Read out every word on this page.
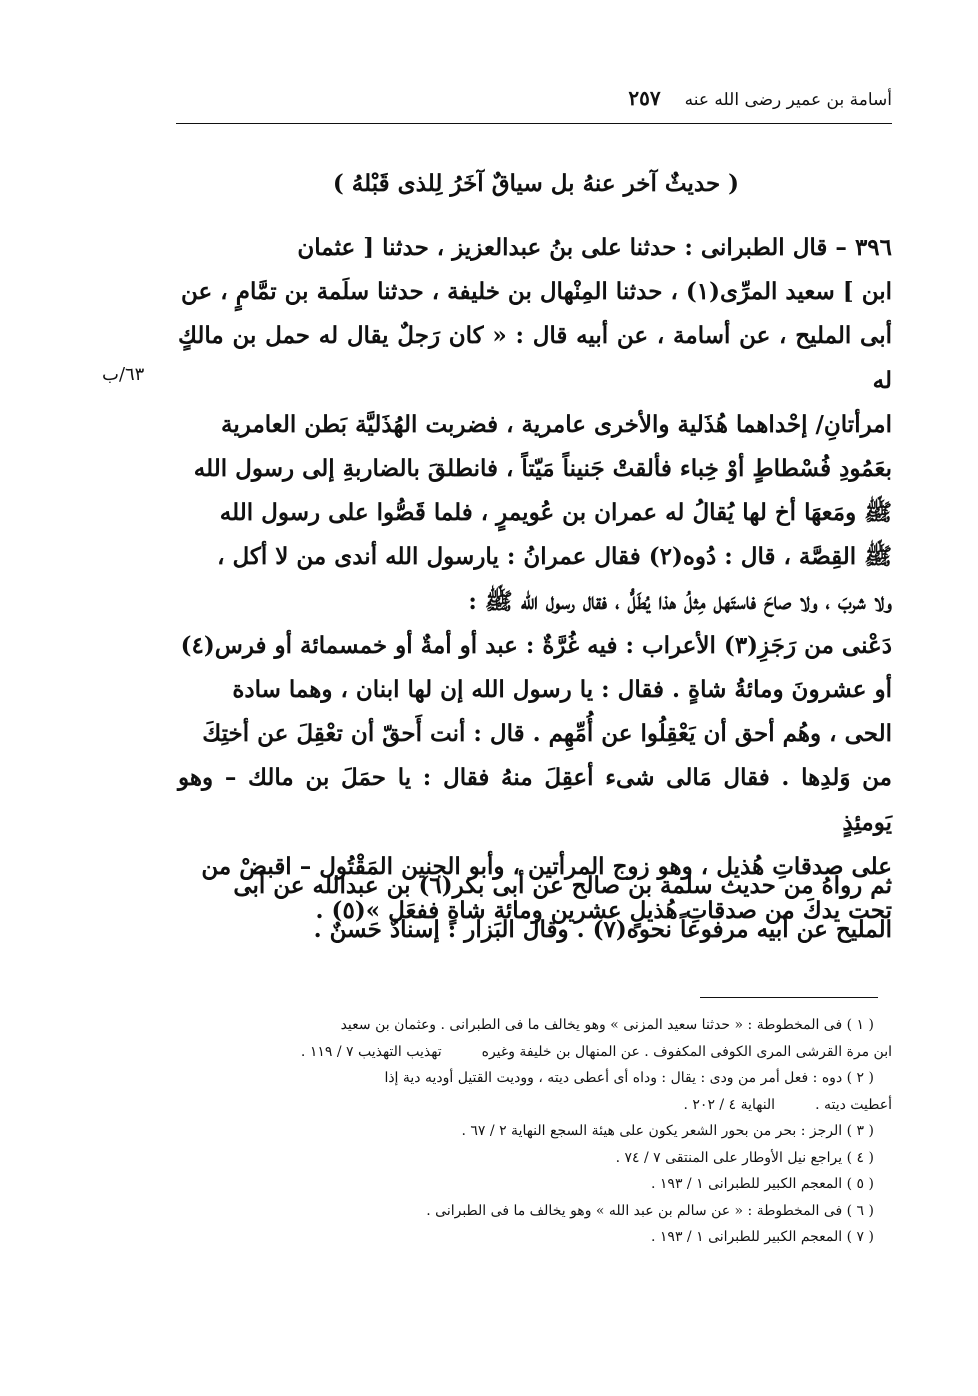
أسامة بن عمير رضى الله عنه
٢٥٧
( حديثٌ آخر عنهُ بل سياقٌ آخَرُ لِلذى قَبْلهُ )
٣٩٦ – قال الطبرانى : حدثنا على بنُ عبدالعزيز ، حدثنا [ عثمان
ابن ] سعيد المرِّى(١) ، حدثنا المِنْهال بن خليفة ، حدثنا سلَمة بن تمَّامٍ ، عن
أبى المليح ، عن أسامة ، عن أبيه قال : « كان رَجلٌ يقال له حمل بن مالكٍ له
امرأتانِ/ إحْداهما هُذَلية والأخرى عامرية ، فضربت الهُذَليَّة بَطن العامرية
بعَمُودِ فُسْطاطٍ أوْ خِباء فألقتْ جَنيناً مَيّتاً ، فانطلقَ بالضاربةِ إلى رسول الله
ﷺ ومَعهَا أخ لها يُقالُ له عمران بن عُويمرٍ ، فلما قَصُّوا على رسول الله
ﷺ القِصَّة ، قال : دُوه(٢) فقال عمرانُ : يارسول الله أندى من لا أكل ،
ولا شربَ ، ولا صاحَ فاستَهل مِثلُ هذا يُطَلُّ ، فقال رسول الله ﷺ :
دَعْنى من رَجَزِ(٣) الأعراب : فيه غُرَّةٌ : عبد أو أمةٌ أو خمسمائة أو فرس(٤)
أو عشرونَ ومائةُ شاةٍ . فقال : يا رسول الله إن لها ابنان ، وهما سادة
الحى ، وهُم أحق أن يَعْقِلُوا عن أُمِّهِم . قال : أنت أَحقّ أن تعْقِلَ عن أختِكَ
من وَلدِها . فقال مَالى شىء أعقِلَ منهُ فقال : يا حمَلَ بن مالك – وهو يَومئِذٍ
على صدقاتِ هُذيل ، وهو زوج المرأتين ، وأبو الجنين المَقْتُول – اقبضْ من
تحت يدكَ من صدقاتِ هُذيلٍ عشرين ومائة شاةٍ ففعَل »(٥) .
٦٣/ب
ثم رواهُ من حديث سلمة بن صالح عن أبى بكر(٦) بن عبدالله عن أبى
المليح عن أبيه مرفوعاً نحوه(٧) . وقال البَزار : إسنادٌ حَسنٌ .
( ١ ) فى المخطوطة : « حدثنا سعيد المزنى » وهو يخالف ما فى الطبرانى . وعثمان بن سعيد
ابن مرة القرشى المرى الكوفى المكفوف . عن المنهال بن خليفة وغيرهتهذيب التهذيب ٧ / ١١٩ .
( ٢ ) دوه : فعل أمر من ودى : يقال : وداه أى أعطى ديته ، ووديت القتيل أوديه دية إذا
أعطيت ديته .النهاية ٤ / ٢٠٢ .
( ٣ ) الرجز : بحر من بحور الشعر يكون على هيئة السجع النهاية ٢ / ٦٧ .
( ٤ ) يراجع نيل الأوطار على المنتقى ٧ / ٧٤ .
( ٥ ) المعجم الكبير للطبرانى ١ / ١٩٣ .
( ٦ ) فى المخطوطة : « عن سالم بن عبد الله » وهو يخالف ما فى الطبرانى .
( ٧ ) المعجم الكبير للطبرانى ١ / ١٩٣ .
